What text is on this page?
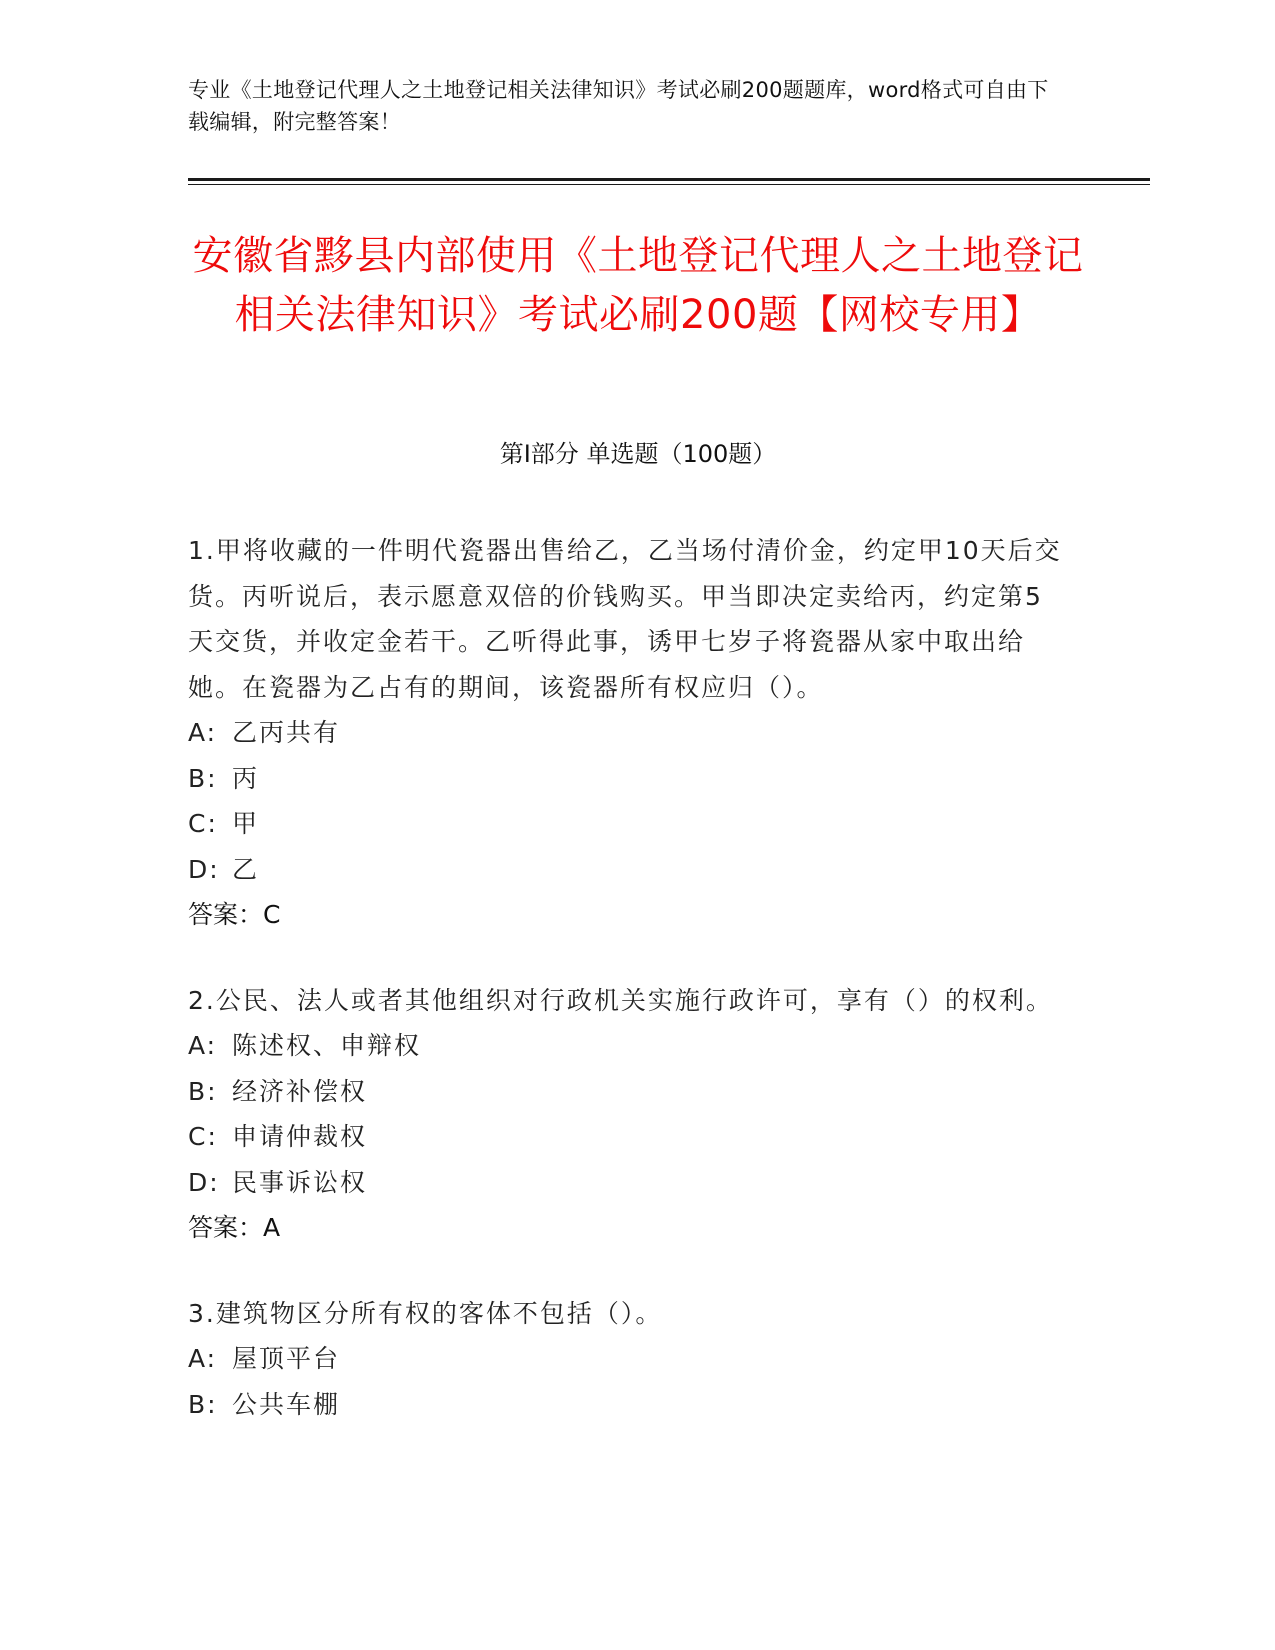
专业《土地登记代理人之土地登记相关法律知识》考试必刷200题题库，word格式可自由下载编辑，附完整答案！
安徽省黟县内部使用《土地登记代理人之土地登记相关法律知识》考试必刷200题【网校专用】
第Ⅰ部分 单选题（100题）

1.甲将收藏的一件明代瓷器出售给乙，乙当场付清价金，约定甲10天后交货。丙听说后，表示愿意双倍的价钱购买。甲当即决定卖给丙，约定第5天交货，并收定金若干。乙听得此事，诱甲七岁子将瓷器从家中取出给她。在瓷器为乙占有的期间，该瓷器所有权应归（）。

A: 乙丙共有

B: 丙

C: 甲

D: 乙

答案：C

2.公民、法人或者其他组织对行政机关实施行政许可，享有（）的权利。

A: 陈述权、申辩权

B: 经济补偿权

C: 申请仲裁权

D: 民事诉讼权

答案：A

3.建筑物区分所有权的客体不包括（）。

A: 屋顶平台

B: 公共车棚
